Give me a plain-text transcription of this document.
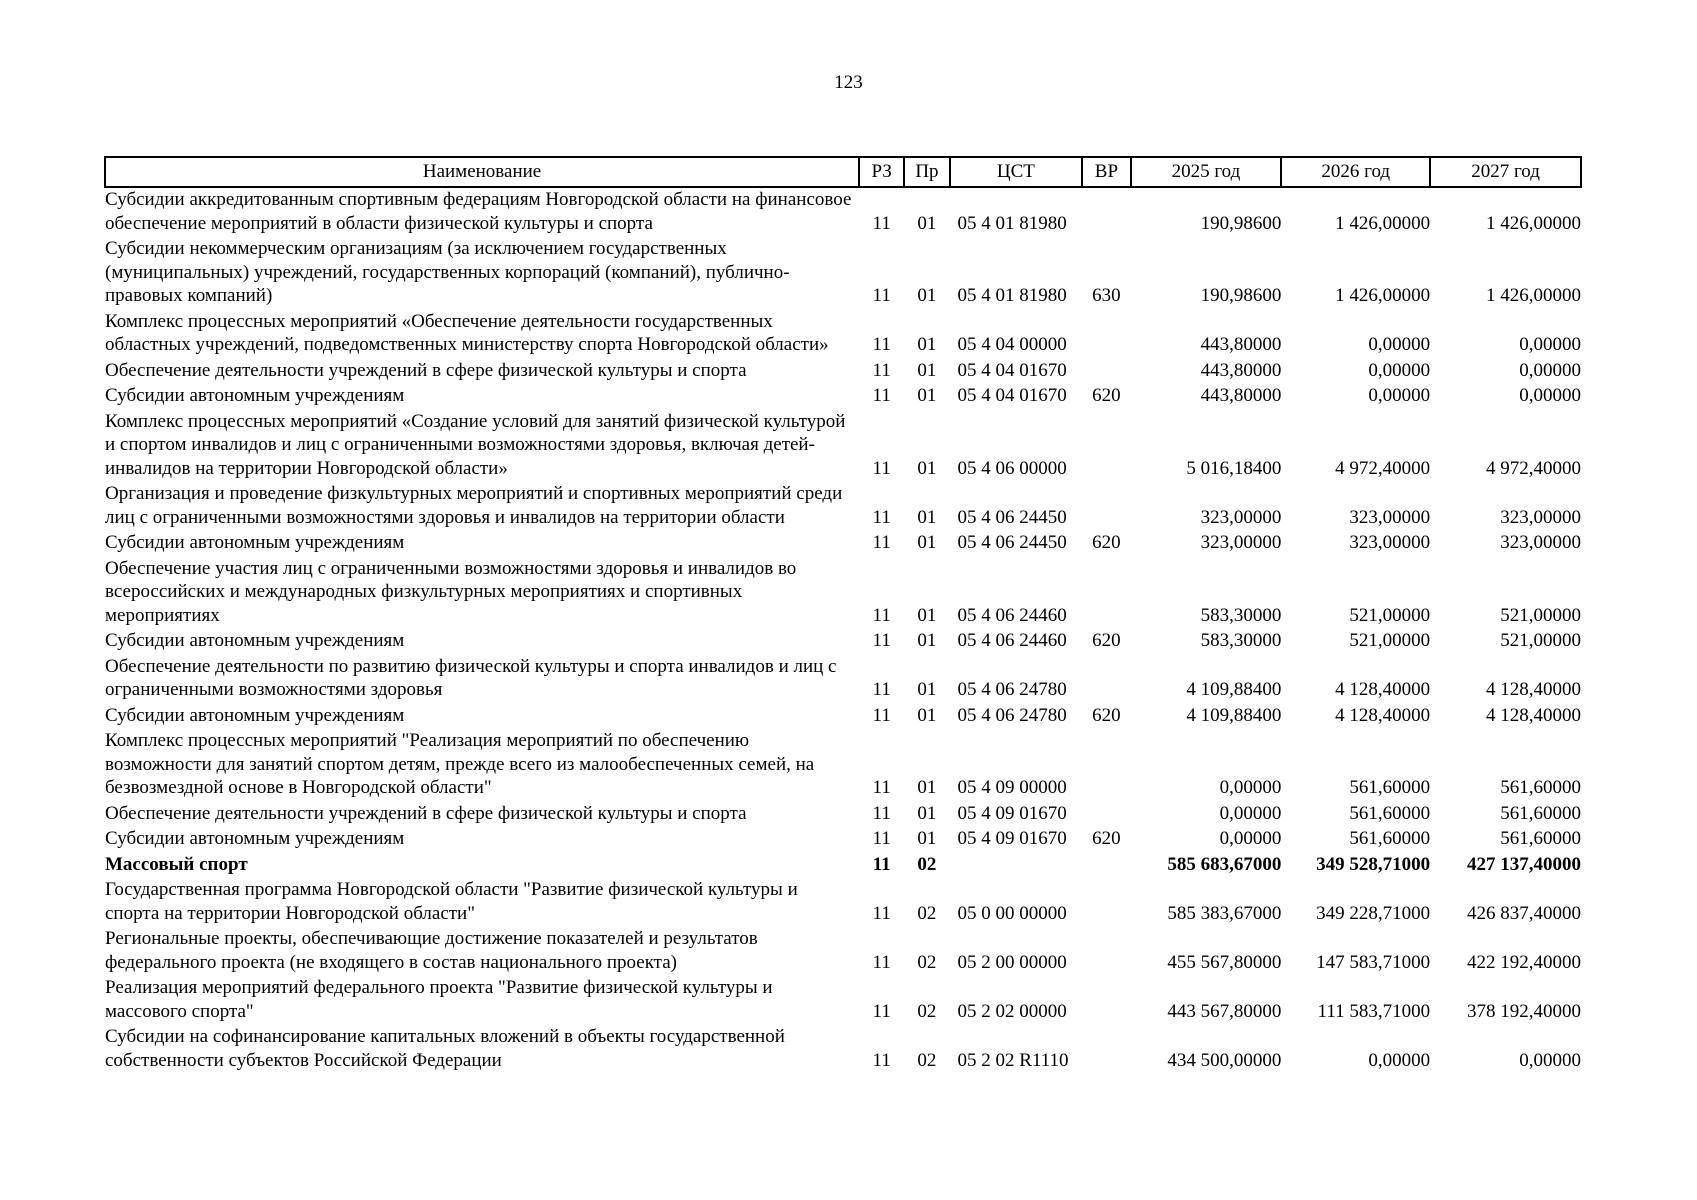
123
Наименование	РЗ	Пр	ЦСТ	ВР	2025 год	2026 год	2027 год
Субсидии аккредитованным спортивным федерациям Новгородской области на финансовое обеспечение мероприятий в области физической культуры и спорта	11	01	05 4 01 81980		190,98600	1 426,00000	1 426,00000
Субсидии некоммерческим организациям (за исключением государственных (муниципальных) учреждений, государственных корпораций (компаний), публично-правовых компаний)	11	01	05 4 01 81980	630	190,98600	1 426,00000	1 426,00000
Комплекс процессных мероприятий «Обеспечение деятельности государственных областных учреждений, подведомственных министерству спорта Новгородской области»	11	01	05 4 04 00000		443,80000	0,00000	0,00000
Обеспечение деятельности учреждений в сфере физической культуры и спорта	11	01	05 4 04 01670		443,80000	0,00000	0,00000
Субсидии автономным учреждениям	11	01	05 4 04 01670	620	443,80000	0,00000	0,00000
Комплекс процессных мероприятий «Создание условий для занятий физической культурой и спортом инвалидов и лиц с ограниченными возможностями здоровья, включая детей-инвалидов на территории Новгородской области»	11	01	05 4 06 00000		5 016,18400	4 972,40000	4 972,40000
Организация и проведение физкультурных мероприятий и спортивных мероприятий среди лиц с ограниченными возможностями здоровья и инвалидов на территории области	11	01	05 4 06 24450		323,00000	323,00000	323,00000
Субсидии автономным учреждениям	11	01	05 4 06 24450	620	323,00000	323,00000	323,00000
Обеспечение участия лиц с ограниченными возможностями здоровья и инвалидов во всероссийских и международных физкультурных мероприятиях и спортивных мероприятиях	11	01	05 4 06 24460		583,30000	521,00000	521,00000
Субсидии автономным учреждениям	11	01	05 4 06 24460	620	583,30000	521,00000	521,00000
Обеспечение деятельности по развитию физической культуры и спорта инвалидов и лиц с ограниченными возможностями здоровья	11	01	05 4 06 24780		4 109,88400	4 128,40000	4 128,40000
Субсидии автономным учреждениям	11	01	05 4 06 24780	620	4 109,88400	4 128,40000	4 128,40000
Комплекс процессных мероприятий "Реализация мероприятий по обеспечению возможности для занятий спортом детям, прежде всего из малообеспеченных семей, на безвозмездной основе в Новгородской области"	11	01	05 4 09 00000		0,00000	561,60000	561,60000
Обеспечение деятельности учреждений в сфере физической культуры и спорта	11	01	05 4 09 01670		0,00000	561,60000	561,60000
Субсидии автономным учреждениям	11	01	05 4 09 01670	620	0,00000	561,60000	561,60000
Массовый спорт	11	02			585 683,67000	349 528,71000	427 137,40000
Государственная программа Новгородской области "Развитие физической культуры и спорта на территории Новгородской области"	11	02	05 0 00 00000		585 383,67000	349 228,71000	426 837,40000
Региональные проекты, обеспечивающие достижение показателей и результатов федерального проекта (не входящего в состав национального проекта)	11	02	05 2 00 00000		455 567,80000	147 583,71000	422 192,40000
Реализация мероприятий федерального проекта "Развитие физической культуры и массового спорта"	11	02	05 2 02 00000		443 567,80000	111 583,71000	378 192,40000
Субсидии на софинансирование капитальных вложений в объекты государственной собственности субъектов Российской Федерации	11	02	05 2 02 R1110		434 500,00000	0,00000	0,00000
